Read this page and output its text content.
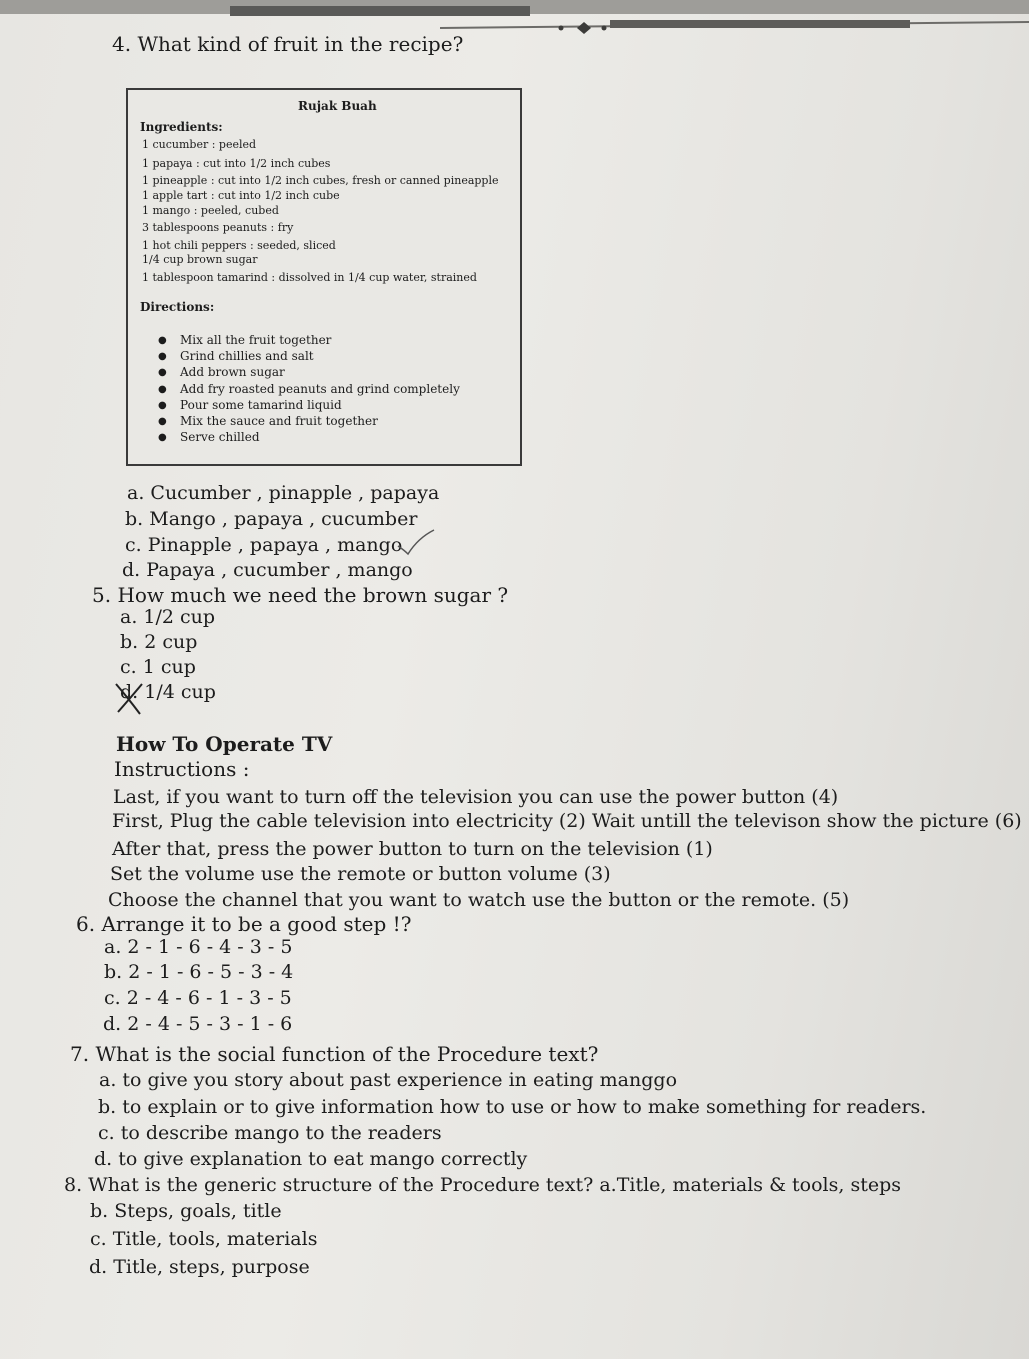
4. What kind of fruit in the recipe?
Rujak Buah
Ingredients:
1 cucumber : peeled
1 papaya : cut into 1/2 inch cubes
1 pineapple : cut into 1/2 inch cubes, fresh or canned pineapple
1 apple tart : cut into 1/2 inch cube
1 mango : peeled, cubed
3 tablespoons peanuts : fry
1 hot chili peppers : seeded, sliced
1/4 cup brown sugar
1 tablespoon tamarind : dissolved in 1/4 cup water, strained
Directions:
● Mix all the fruit together
● Grind chillies and salt
● Add brown sugar
● Add fry roasted peanuts and grind completely
● Pour some tamarind liquid
● Mix the sauce and fruit together
● Serve chilled
a. Cucumber , pinapple , papaya
b. Mango , papaya , cucumber
c. Pinapple , papaya , mango
d. Papaya , cucumber , mango
5. How much we need the brown sugar ?
a. 1/2 cup
b. 2 cup
c. 1 cup
d. 1/4 cup
How To Operate TV
Instructions :
Last, if you want to turn off the television you can use the power button (4)
First, Plug the cable television into electricity (2) Wait untill the televison show the picture (6)
After that, press the power button to turn on the television (1)
Set the volume use the remote or button volume (3)
Choose the channel that you want to watch use the button or the remote. (5)
6. Arrange it to be a good step !?
a. 2 - 1 - 6 - 4 - 3 - 5
b. 2 - 1 - 6 - 5 - 3 - 4
c. 2 - 4 - 6 - 1 - 3 - 5
d. 2 - 4 - 5 - 3 - 1 - 6
7. What is the social function of the Procedure text?
a. to give you story about past experience in eating manggo
b. to explain or to give information how to use or how to make something for readers.
c. to describe mango to the readers
d. to give explanation to eat mango correctly
8. What is the generic structure of the Procedure text? a.Title, materials & tools, steps
b. Steps, goals, title
c. Title, tools, materials
d. Title, steps, purpose
